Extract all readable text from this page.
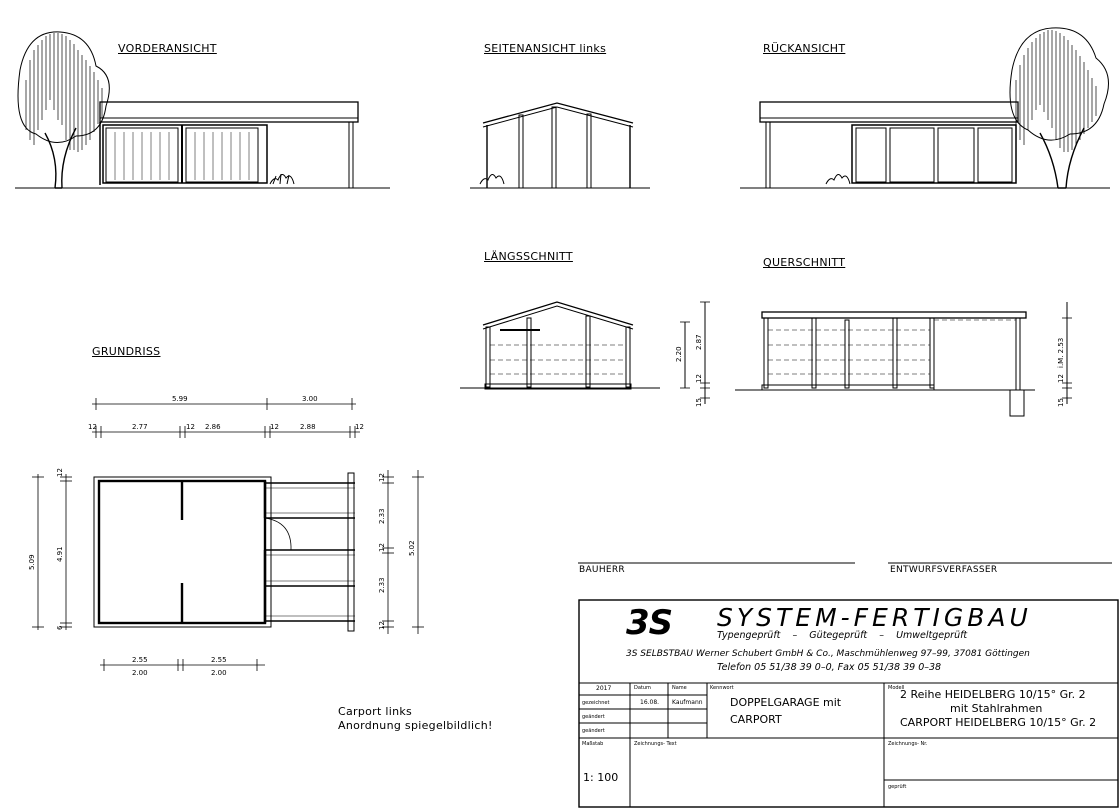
VORDERANSICHT	SEITENANSICHT links	RÜCKANSICHT
LÄNGSSCHNITT	QUERSCHNITT
GRUNDRISS
5.99	3.00
12	2.77	12 2.86	12	2.88	12
5.09
4.91
12
6
5.02
12
2.33
12
2.33
12
2.55	2.55
2.00	2.00
2.20
2.87
12
15
i.M. 2.53
12
15
Carport links
Anordnung spiegelbildlich!
BAUHERR	ENTWURFSVERFASSER
3S SYSTEM-FERTIGBAU
Typengeprüft    –    Gütegeprüft    –    Umweltgeprüft
3S SELBSTBAU Werner Schubert GmbH & Co., Maschmühlenweg 97–99, 37081 Göttingen
Telefon 05 51/38 39 0–0, Fax 05 51/38 39 0–38
2017	Datum	Name
gezeichnet	16.08. Kaufmann
geändert
geändert
Kennwort
DOPPELGARAGE mit
CARPORT
Modell
2 Reihe HEIDELBERG 10/15° Gr. 2
mit Stahlrahmen
CARPORT HEIDELBERG 10/15° Gr. 2
Maßstab
1: 100
Zeichnungs- Text	Zeichnungs- Nr.
geprüft
